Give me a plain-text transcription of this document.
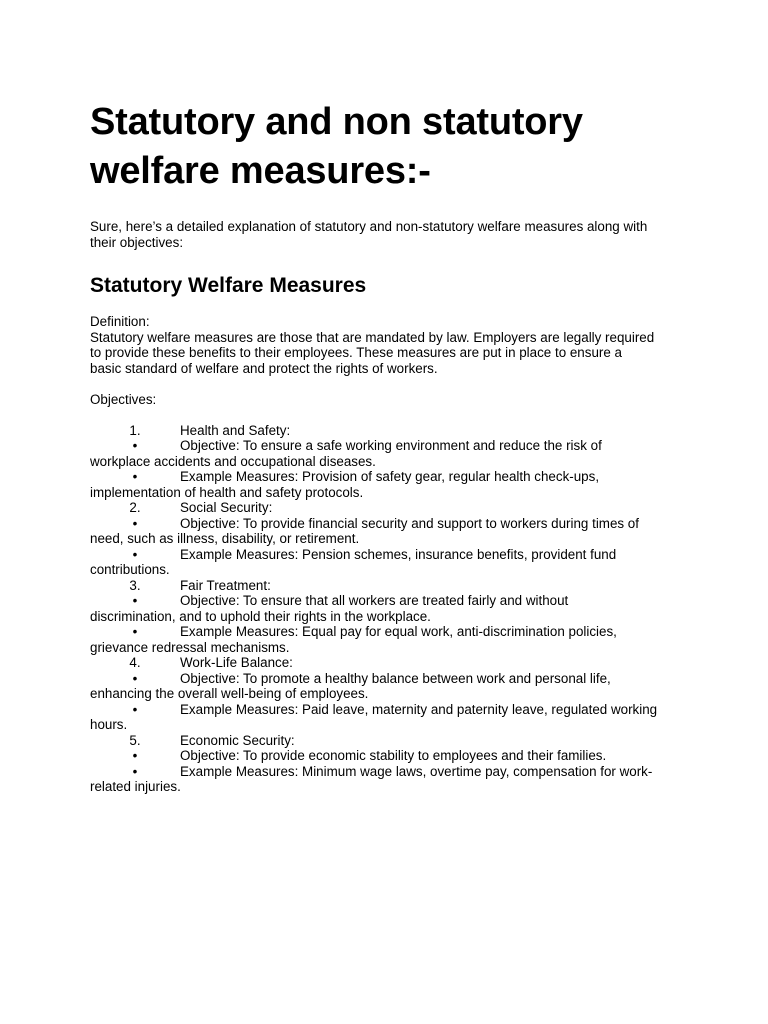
Statutory and non statutory
welfare measures:-

Sure, here’s a detailed explanation of statutory and non-statutory welfare measures along with
their objectives:

Statutory Welfare Measures

Definition:

Statutory welfare measures are those that are mandated by law. Employers are legally required
to provide these benefits to their employees. These measures are put in place to ensure a
basic standard of welfare and protect the rights of workers.

Objectives:

1.	Health and Safety:

•	Objective: To ensure a safe working environment and reduce the risk of

workplace accidents and occupational diseases.

•	Example Measures: Provision of safety gear, regular health check-ups,

implementation of health and safety protocols.

2.	Social Security:

•	Objective: To provide financial security and support to workers during times of

need, such as illness, disability, or retirement.

•	Example Measures: Pension schemes, insurance benefits, provident fund

contributions.

3.	Fair Treatment:

•	Objective: To ensure that all workers are treated fairly and without

discrimination, and to uphold their rights in the workplace.

•	Example Measures: Equal pay for equal work, anti-discrimination policies,

grievance redressal mechanisms.

4.	Work-Life Balance:

•	Objective: To promote a healthy balance between work and personal life,

enhancing the overall well-being of employees.

•	Example Measures: Paid leave, maternity and paternity leave, regulated working

hours.

5.	Economic Security:

•	Objective: To provide economic stability to employees and their families.

•	Example Measures: Minimum wage laws, overtime pay, compensation for work-

related injuries.
